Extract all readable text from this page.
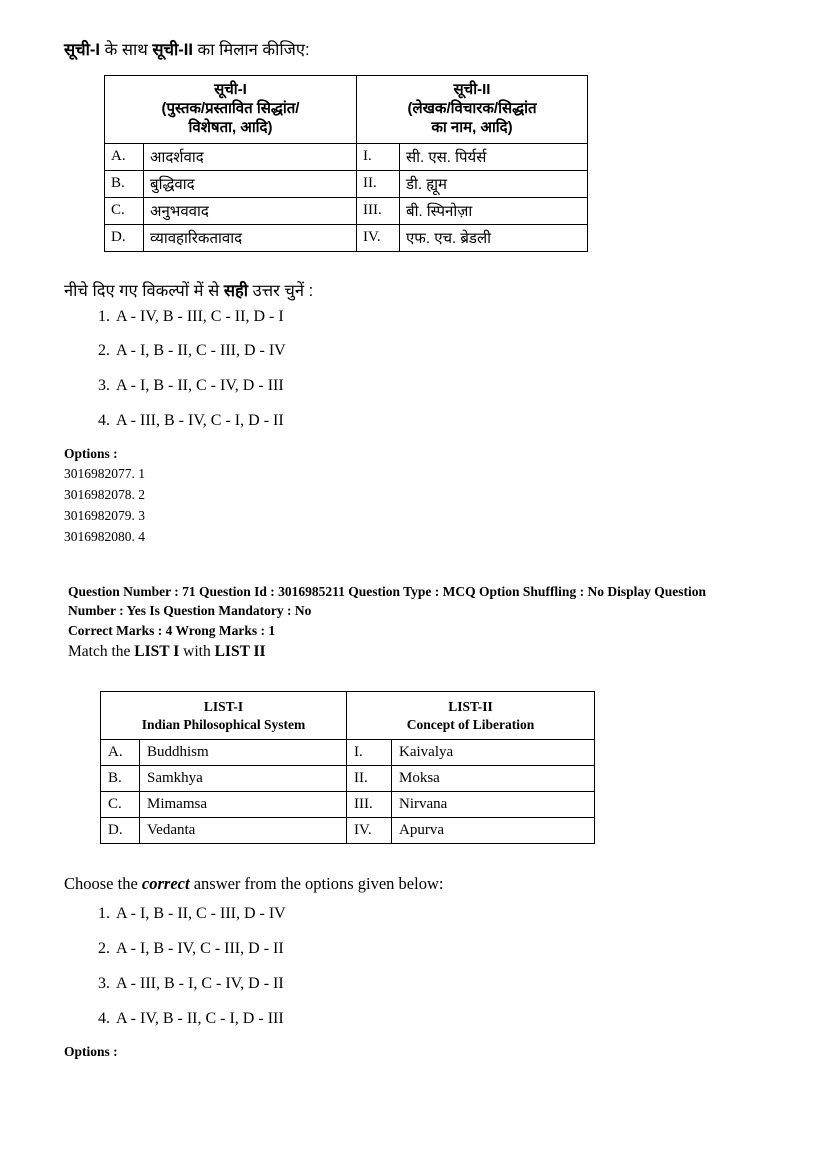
सूची-I के साथ सूची-II का मिलान कीजिए:
सूची-I
(पुस्तक/प्रस्तावित सिद्धांत/
विशेषता, आदि)

सूची-II
(लेखक/विचारक/सिद्धांत
का नाम, आदि)

A.	आदर्शवाद	I.	सी. एस. पिर्यर्स
B.	बुद्धिवाद	II.	डी. ह्यूम
C.	अनुभववाद	III.	बी. स्पिनोज़ा
D.	व्यावहारिकतावाद	IV.	एफ. एच. ब्रेडली
नीचे दिए गए विकल्पों में से सही उत्तर चुनें :
1. A - IV, B - III, C - II, D - I
2. A - I, B - II, C - III, D - IV
3. A - I, B - II, C - IV, D - III
4. A - III, B - IV, C - I, D - II
Options :
3016982077. 1
3016982078. 2
3016982079. 3
3016982080. 4
Question Number : 71 Question Id : 3016985211 Question Type : MCQ Option Shuffling : No Display Question
Number : Yes Is Question Mandatory : No
Correct Marks : 4 Wrong Marks : 1
Match the LIST I with LIST II
LIST-I
Indian Philosophical System

LIST-II
Concept of Liberation

A.	Buddhism	I.	Kaivalya
B.	Samkhya	II.	Moksa
C.	Mimamsa	III.	Nirvana
D.	Vedanta	IV.	Apurva
Choose the correct answer from the options given below:
1. A - I, B - II, C - III, D - IV
2. A - I, B - IV, C - III, D - II
3. A - III, B - I, C - IV, D - II
4. A - IV, B - II, C - I, D - III
Options :
